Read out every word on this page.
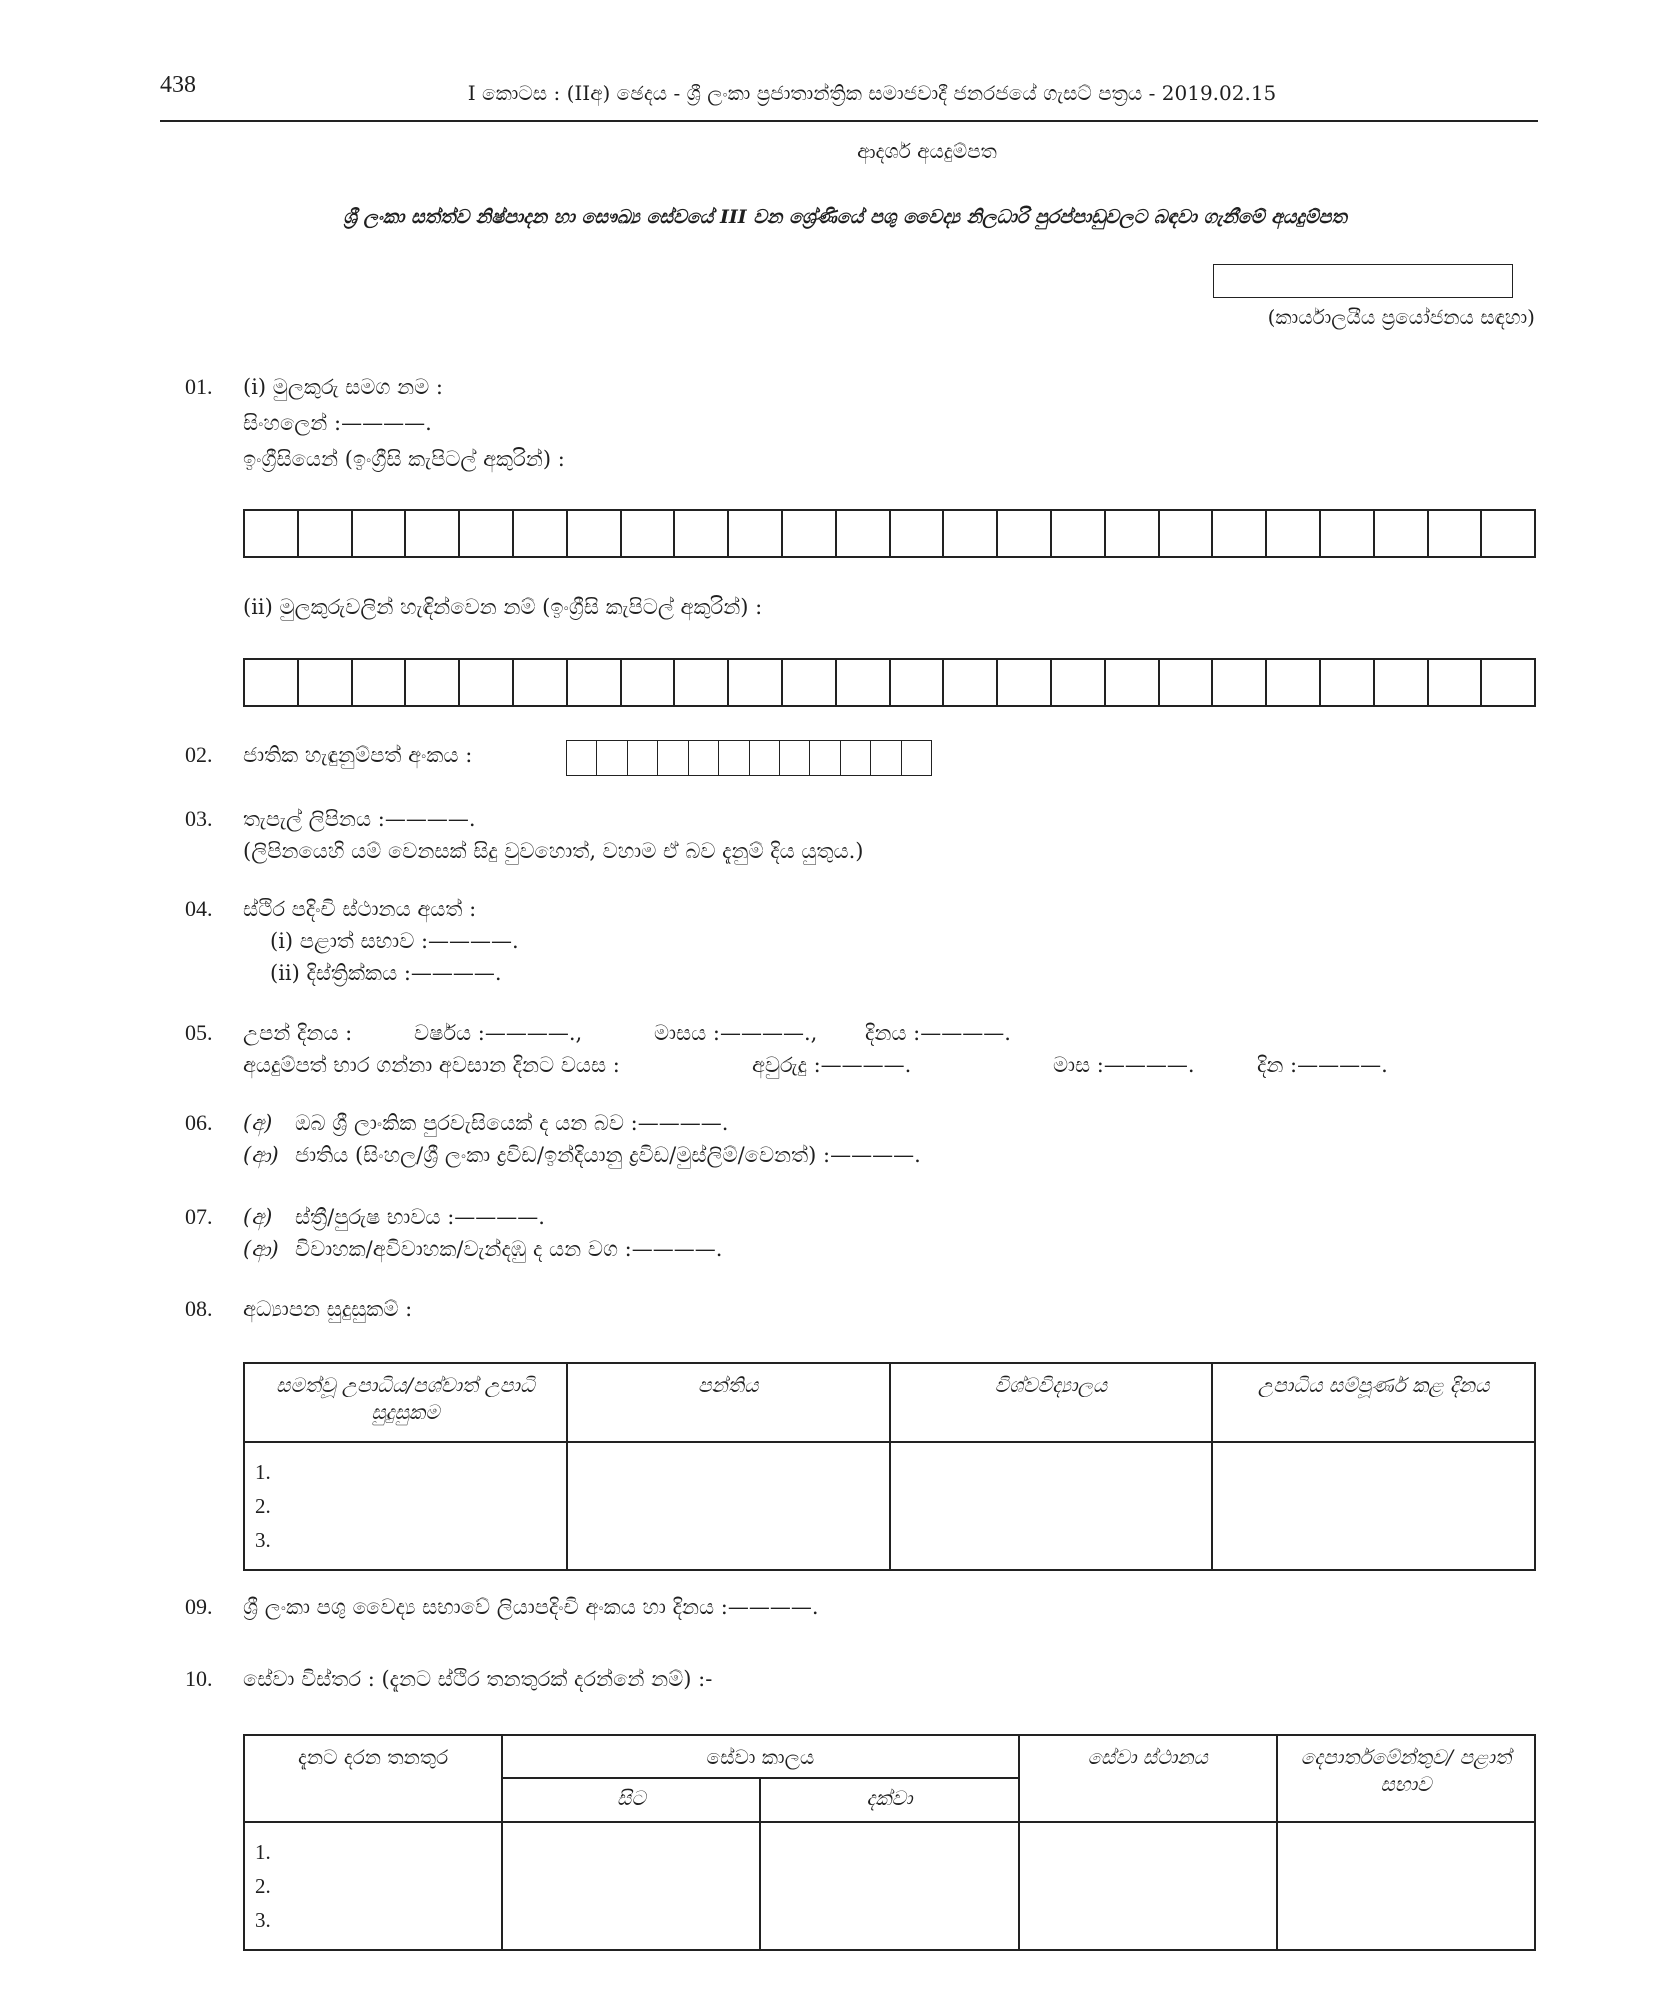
438	I කොටස : (IIඅ) ඡෙදය - ශ්‍රී ලංකා ප්‍රජාතාන්ත්‍රික සමාජවාදී ජනරජයේ ගැසට් පත්‍රය - 2019.02.15
ආදර්ශ අයදුම්පත
ශ්‍රී ලංකා සත්ත්ව නිෂ්පාදන හා සෞඛ්‍ය සේවයේ III වන ශ්‍රේණියේ පශු වෛද්‍ය නිලධාරි පුරප්පාඩුවලට බඳවා ගැනීමේ අයදුම්පත
(කාර්යාලයීය ප්‍රයෝජනය සඳහා)
01. (i) මුලකුරු සමග නම :
සිංහලෙන් :————.
ඉංග්‍රීසියෙන් (ඉංග්‍රීසි කැපිටල් අකුරින්) :
(ii) මුලකුරුවලින් හැඳින්වෙන නම් (ඉංග්‍රීසි කැපිටල් අකුරින්) :
02. ජාතික හැඳුනුම්පත් අංකය :
03. තැපැල් ලිපිනය :————.
(ලිපිනයෙහි යම් වෙනසක් සිදු වුවහොත්, වහාම ඒ බව දැනුම් දිය යුතුය.)
04. ස්ථිර පදිංචි ස්ථානය අයත් :
(i) පළාත් සභාව :————.
(ii) දිස්ත්‍රික්කය :————.
05. උපන් දිනය :	වර්ෂය :————.,	මාසය :————., දිනය :————.
අයදුම්පත් භාර ගන්නා අවසාන දිනට වයස :	අවුරුදු :————.	මාස :————.	දින :————.
06. (අ) ඔබ ශ්‍රී ලාංකික පුරවැසියෙක් ද යන බව :————.
(ආ) ජාතිය (සිංහල/ශ්‍රී ලංකා ද්‍රවිඩ/ඉන්දියානු ද්‍රවිඩ/මුස්ලිම්/වෙනත්) :————.
07. (අ) ස්ත්‍රී/පුරුෂ භාවය :————.
(ආ) විවාහක/අවිවාහක/වැන්දඹු ද යන වග :————.
08. අධ්‍යාපන සුදුසුකම් :
සමත්වූ උපාධිය/පශ්චාත් උපාධි සුදුසුකම	පන්තිය	විශ්වවිද්‍යාලය	උපාධිය සම්පූර්ණ කළ දිනය

1.
2.
3.			

09. ශ්‍රී ලංකා පශු වෛද්‍ය සභාවේ ලියාපදිංචි අංකය හා දිනය :————.
10. සේවා විස්තර : (දැනට ස්ථිර තනතුරක් දරන්නේ නම්) :-
දැනට දරන තනතුර	සේවා කාලය		සේවා ස්ථානය	දෙපාර්තමේන්තුව/ පළාත් සභාව
	සිට	දක්වා		

1.
2.
3.				
